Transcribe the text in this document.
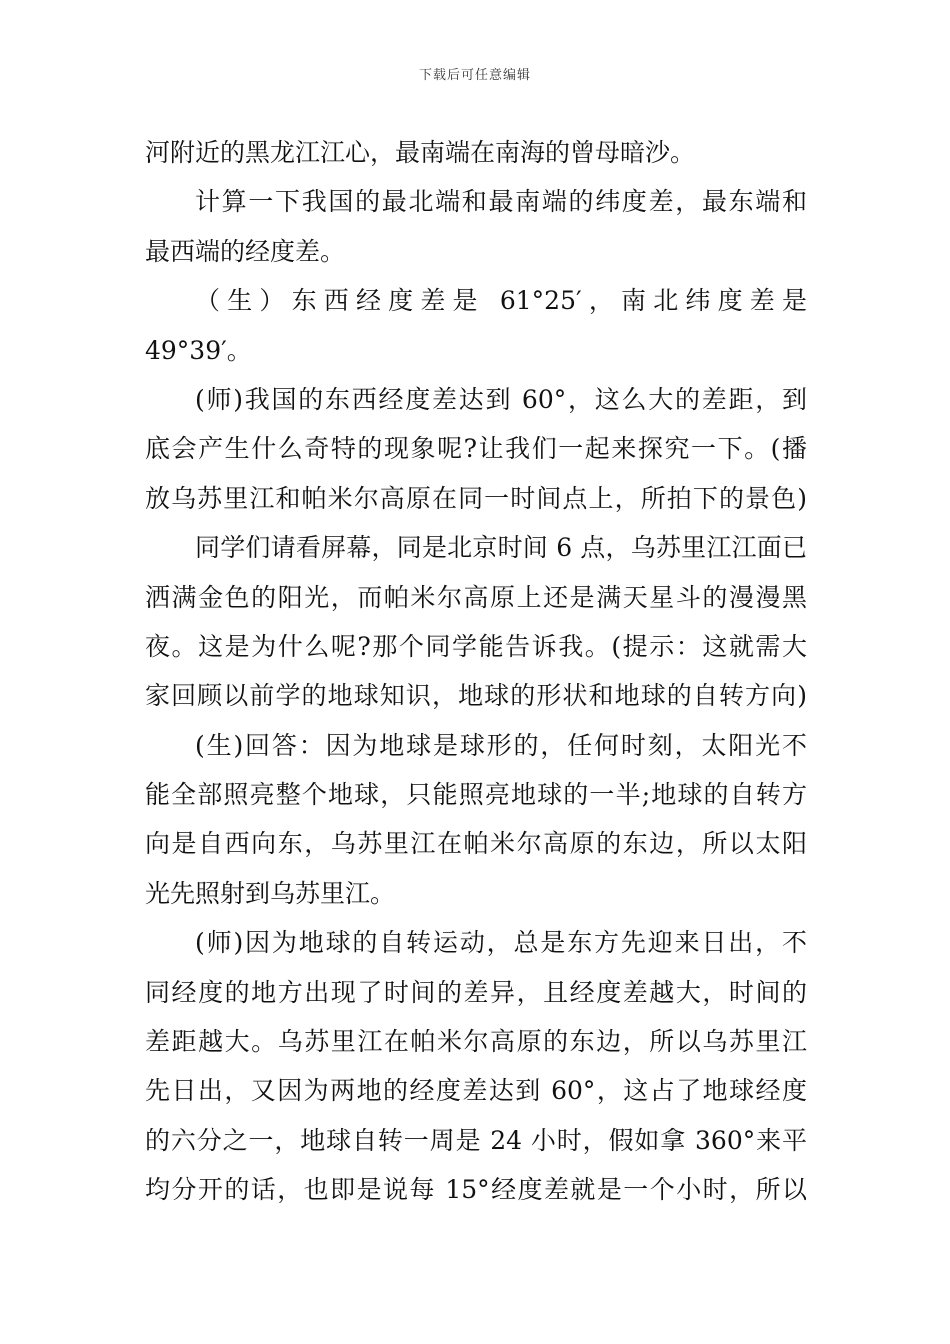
下载后可任意编辑
河附近的黑龙江江心，最南端在南海的曾母暗沙。
计算一下我国的最北端和最南端的纬度差，最东端和
最西端的经度差。
（生）东西经度差是 61°25′，南北纬度差是
49°39′。
(师)我国的东西经度差达到 60°，这么大的差距，到
底会产生什么奇特的现象呢?让我们一起来探究一下。(播
放乌苏里江和帕米尔高原在同一时间点上，所拍下的景色)
同学们请看屏幕，同是北京时间 6 点，乌苏里江江面已
洒满金色的阳光，而帕米尔高原上还是满天星斗的漫漫黑
夜。这是为什么呢?那个同学能告诉我。(提示：这就需大
家回顾以前学的地球知识，地球的形状和地球的自转方向)
(生)回答：因为地球是球形的，任何时刻，太阳光不
能全部照亮整个地球，只能照亮地球的一半;地球的自转方
向是自西向东，乌苏里江在帕米尔高原的东边，所以太阳
光先照射到乌苏里江。
(师)因为地球的自转运动，总是东方先迎来日出，不
同经度的地方出现了时间的差异，且经度差越大，时间的
差距越大。乌苏里江在帕米尔高原的东边，所以乌苏里江
先日出，又因为两地的经度差达到 60°，这占了地球经度
的六分之一，地球自转一周是 24 小时，假如拿 360°来平
均分开的话，也即是说每 15°经度差就是一个小时，所以
